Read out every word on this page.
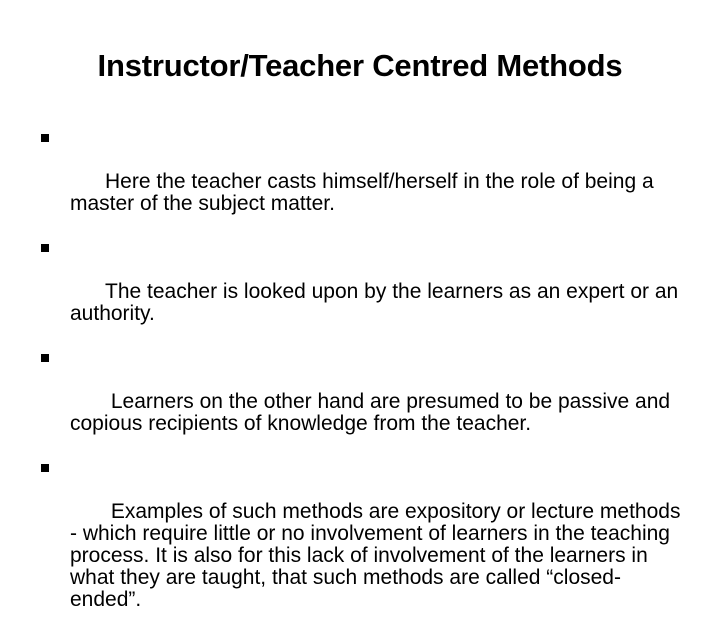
Instructor/Teacher Centred Methods

Here the teacher casts himself/herself in the role of being a master of the subject matter.

The teacher is looked upon by the learners as an expert or an authority.

Learners on the other hand are presumed to be passive and copious recipients of knowledge from the teacher.

Examples of such methods are expository or lecture methods - which require little or no involvement of learners in the teaching process. It is also for this lack of involvement of the learners in what they are taught, that such methods are called “closed-ended”.
